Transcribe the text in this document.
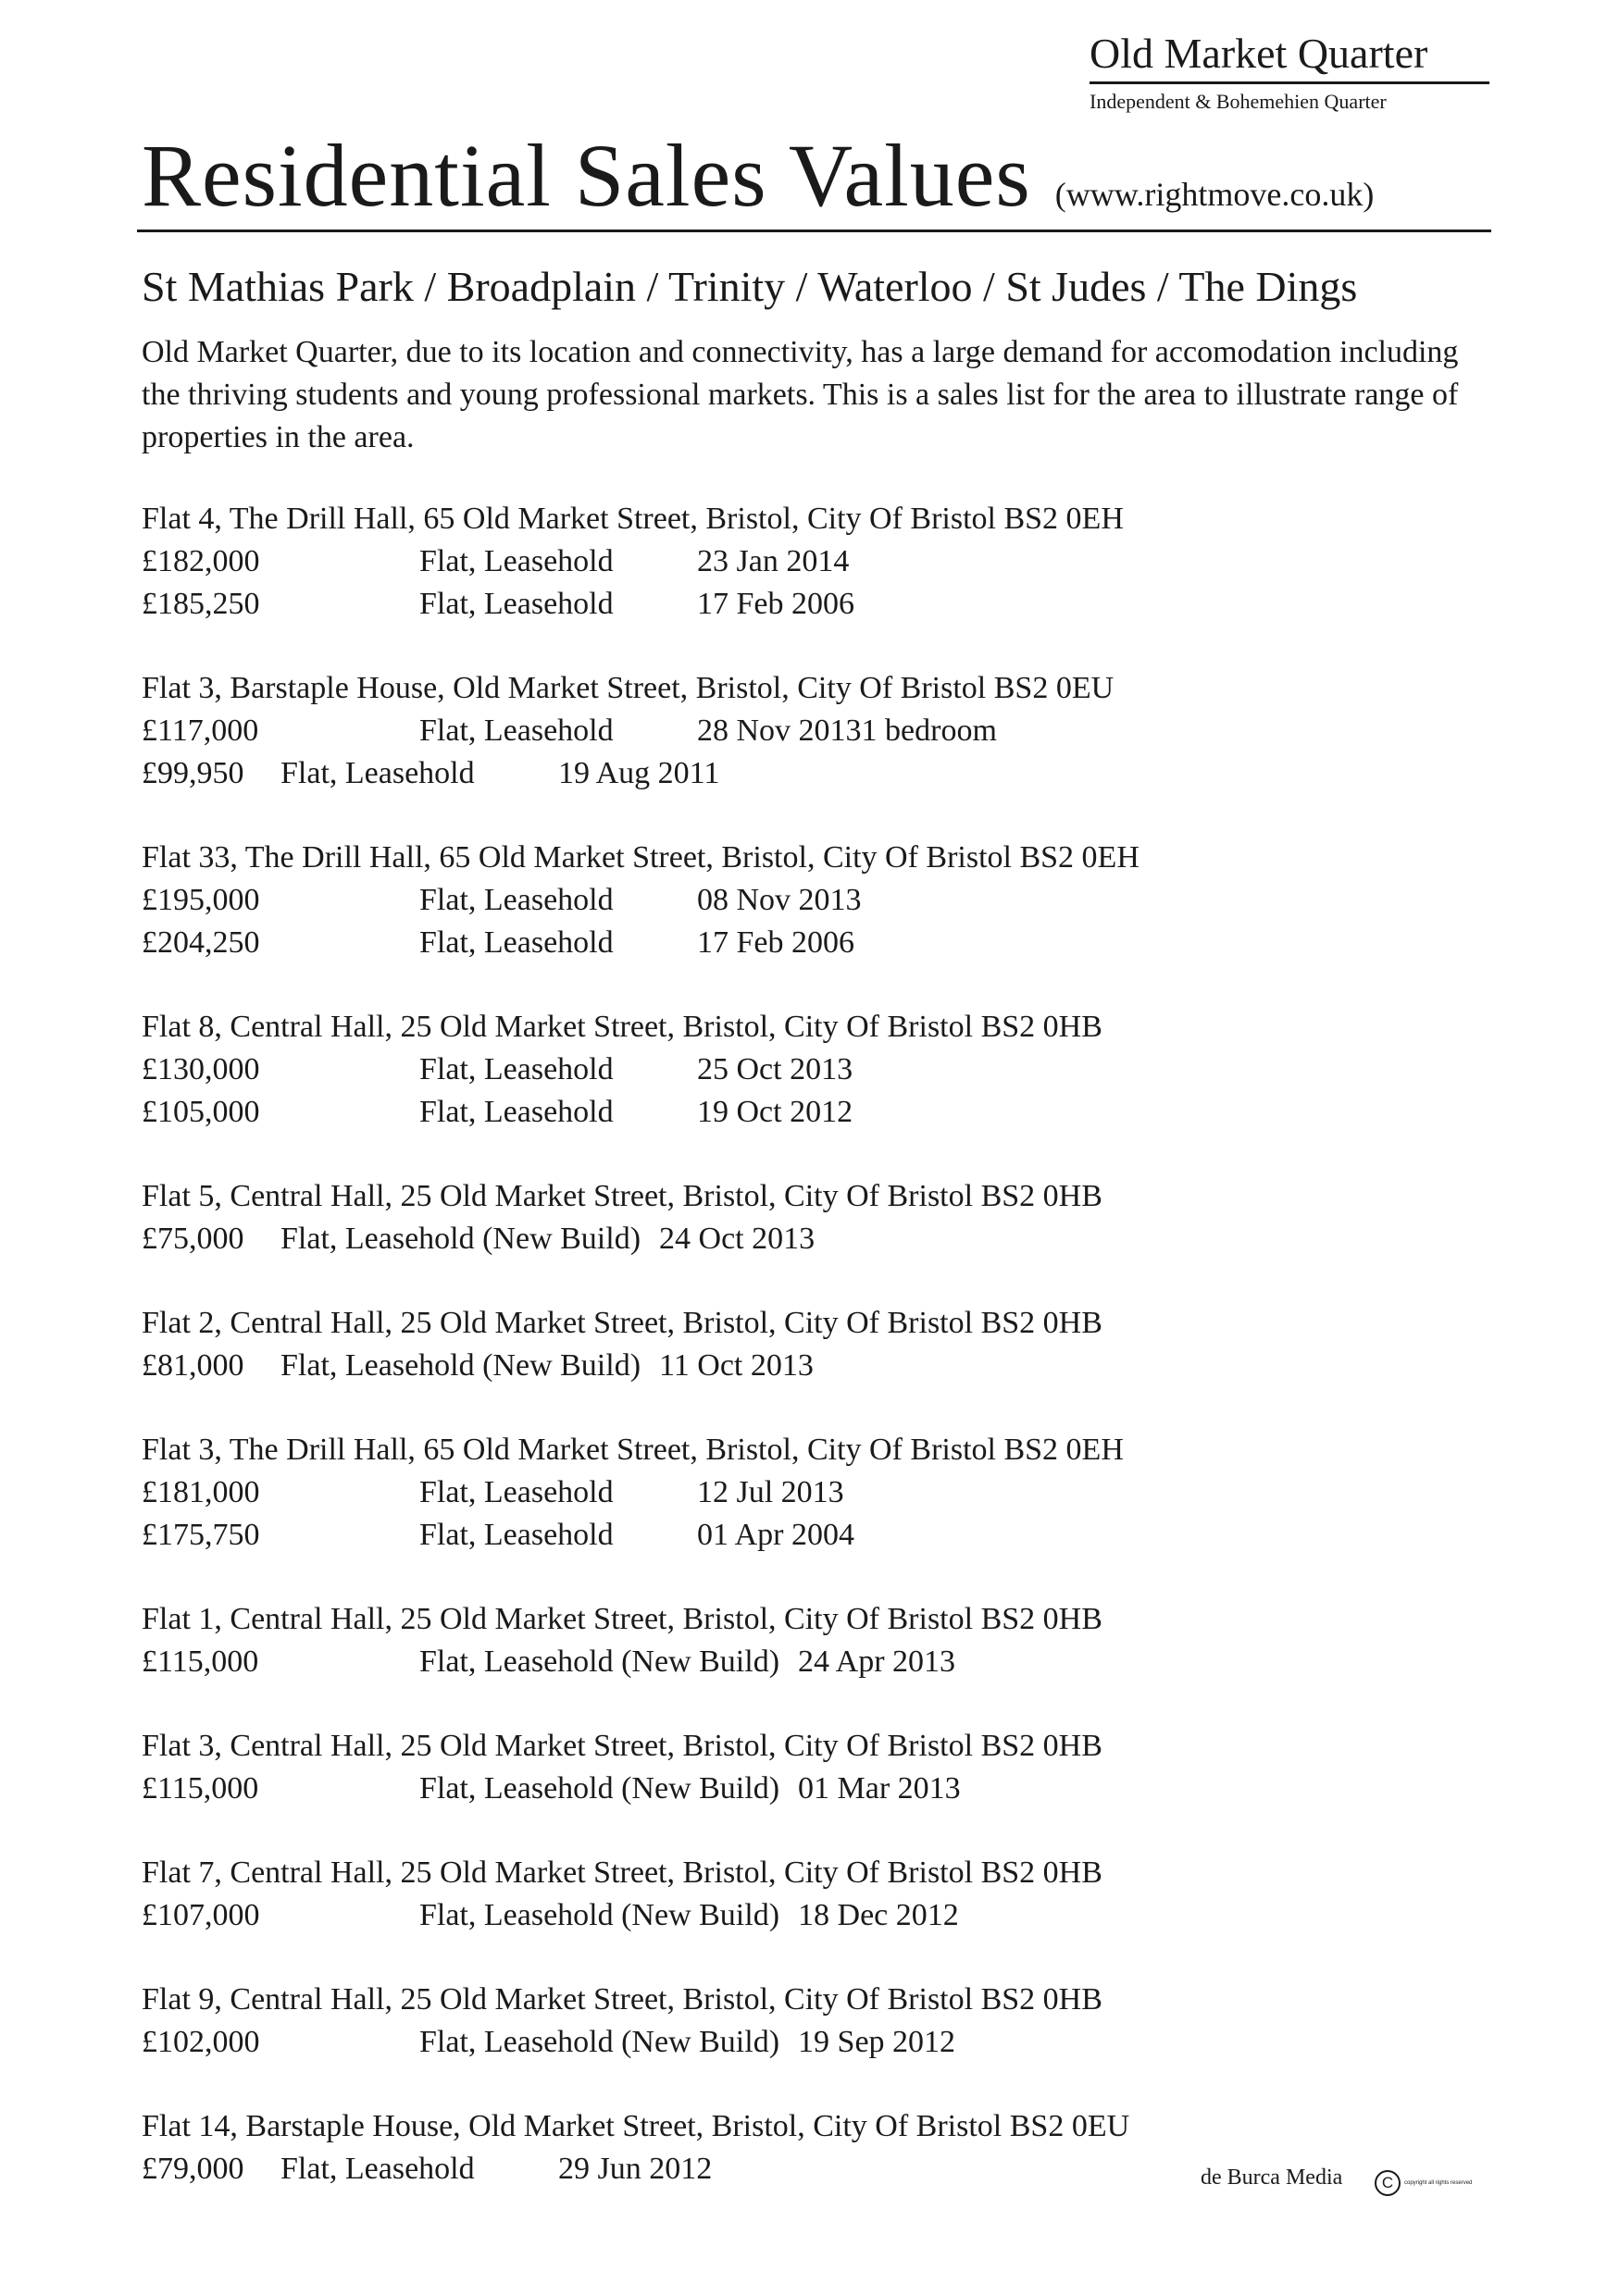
Old Market Quarter
Independent & Bohemehien Quarter
Residential Sales Values (www.rightmove.co.uk)
St Mathias Park / Broadplain / Trinity / Waterloo / St Judes / The Dings
Old Market Quarter, due to its location and connectivity, has a large demand for accomodation including the thriving students and young professional markets. This is a sales list for the area to illustrate range of properties in the area.
Flat 4, The Drill Hall, 65 Old Market Street, Bristol, City Of Bristol BS2 0EH
£182,000	Flat, Leasehold	23 Jan 2014
£185,250	Flat, Leasehold	17 Feb 2006
Flat 3, Barstaple House, Old Market Street, Bristol, City Of Bristol BS2 0EU
£117,000	Flat, Leasehold	28 Nov 20131 bedroom
£99,950	Flat, Leasehold	19 Aug 2011
Flat 33, The Drill Hall, 65 Old Market Street, Bristol, City Of Bristol BS2 0EH
£195,000	Flat, Leasehold	08 Nov 2013
£204,250	Flat, Leasehold	17 Feb 2006
Flat 8, Central Hall, 25 Old Market Street, Bristol, City Of Bristol BS2 0HB
£130,000	Flat, Leasehold	25 Oct 2013
£105,000	Flat, Leasehold	19 Oct 2012
Flat 5, Central Hall, 25 Old Market Street, Bristol, City Of Bristol BS2 0HB
£75,000	Flat, Leasehold (New Build) 24 Oct 2013
Flat 2, Central Hall, 25 Old Market Street, Bristol, City Of Bristol BS2 0HB
£81,000	Flat, Leasehold (New Build) 11 Oct 2013
Flat 3, The Drill Hall, 65 Old Market Street, Bristol, City Of Bristol BS2 0EH
£181,000	Flat, Leasehold	12 Jul 2013
£175,750	Flat, Leasehold	01 Apr 2004
Flat 1, Central Hall, 25 Old Market Street, Bristol, City Of Bristol BS2 0HB
£115,000	Flat, Leasehold (New Build) 24 Apr 2013
Flat 3, Central Hall, 25 Old Market Street, Bristol, City Of Bristol BS2 0HB
£115,000	Flat, Leasehold (New Build) 01 Mar 2013
Flat 7, Central Hall, 25 Old Market Street, Bristol, City Of Bristol BS2 0HB
£107,000	Flat, Leasehold (New Build) 18 Dec 2012
Flat 9, Central Hall, 25 Old Market Street, Bristol, City Of Bristol BS2 0HB
£102,000	Flat, Leasehold (New Build) 19 Sep 2012
Flat 14, Barstaple House, Old Market Street, Bristol, City Of Bristol BS2 0EU
£79,000	Flat, Leasehold	29 Jun 2012	de Burca Media	C	copyright all rights reserved
